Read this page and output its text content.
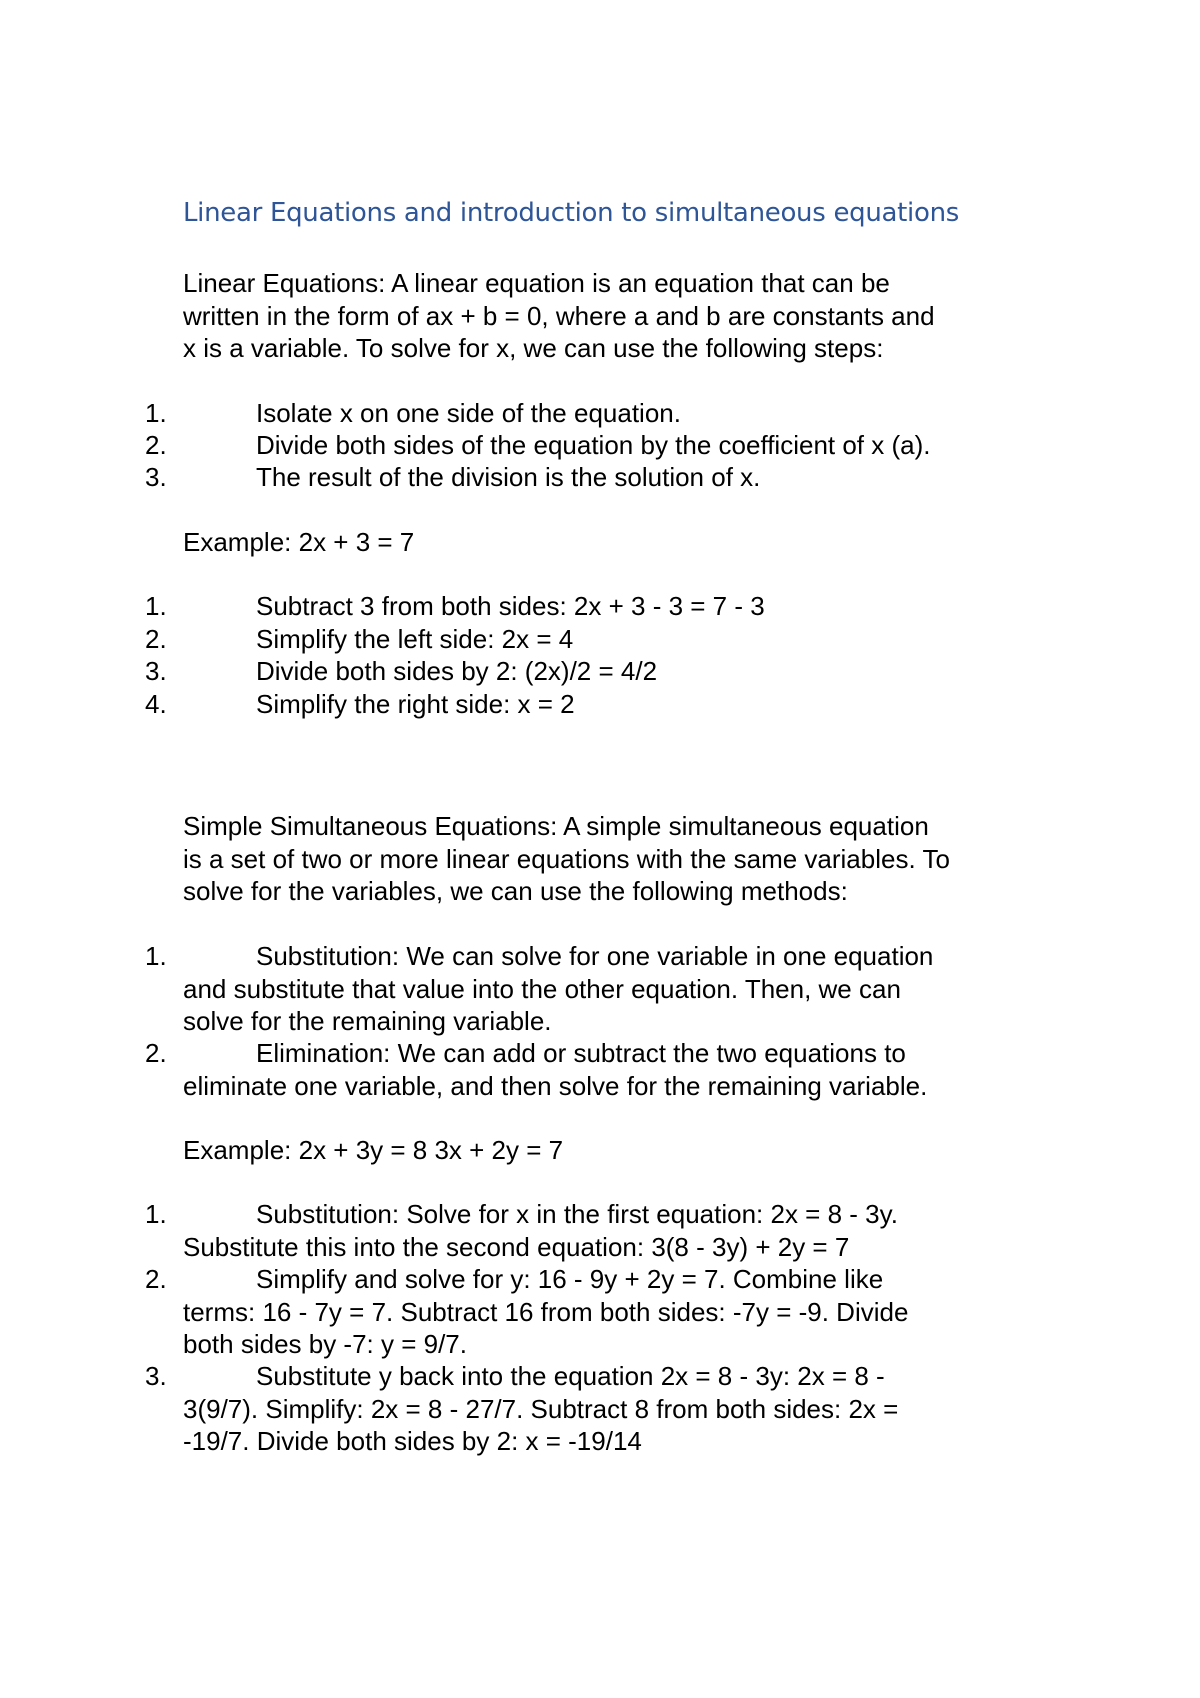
Linear Equations and introduction to simultaneous equations
Linear Equations: A linear equation is an equation that can be
written in the form of ax + b = 0, where a and b are constants and
x is a variable. To solve for x, we can use the following steps:
1.	Isolate x on one side of the equation.
2.	Divide both sides of the equation by the coefficient of x (a).
3.	The result of the division is the solution of x.
Example: 2x + 3 = 7
1.	Subtract 3 from both sides: 2x + 3 - 3 = 7 - 3
2.	Simplify the left side: 2x = 4
3.	Divide both sides by 2: (2x)/2 = 4/2
4.	Simplify the right side: x = 2
Simple Simultaneous Equations: A simple simultaneous equation
is a set of two or more linear equations with the same variables. To
solve for the variables, we can use the following methods:
1.	Substitution: We can solve for one variable in one equation
and substitute that value into the other equation. Then, we can
solve for the remaining variable.
2.	Elimination: We can add or subtract the two equations to
eliminate one variable, and then solve for the remaining variable.
Example: 2x + 3y = 8 3x + 2y = 7
1.	Substitution: Solve for x in the first equation: 2x = 8 - 3y.
Substitute this into the second equation: 3(8 - 3y) + 2y = 7
2.	Simplify and solve for y: 16 - 9y + 2y = 7. Combine like
terms: 16 - 7y = 7. Subtract 16 from both sides: -7y = -9. Divide
both sides by -7: y = 9/7.
3.	Substitute y back into the equation 2x = 8 - 3y: 2x = 8 -
3(9/7). Simplify: 2x = 8 - 27/7. Subtract 8 from both sides: 2x =
-19/7. Divide both sides by 2: x = -19/14
